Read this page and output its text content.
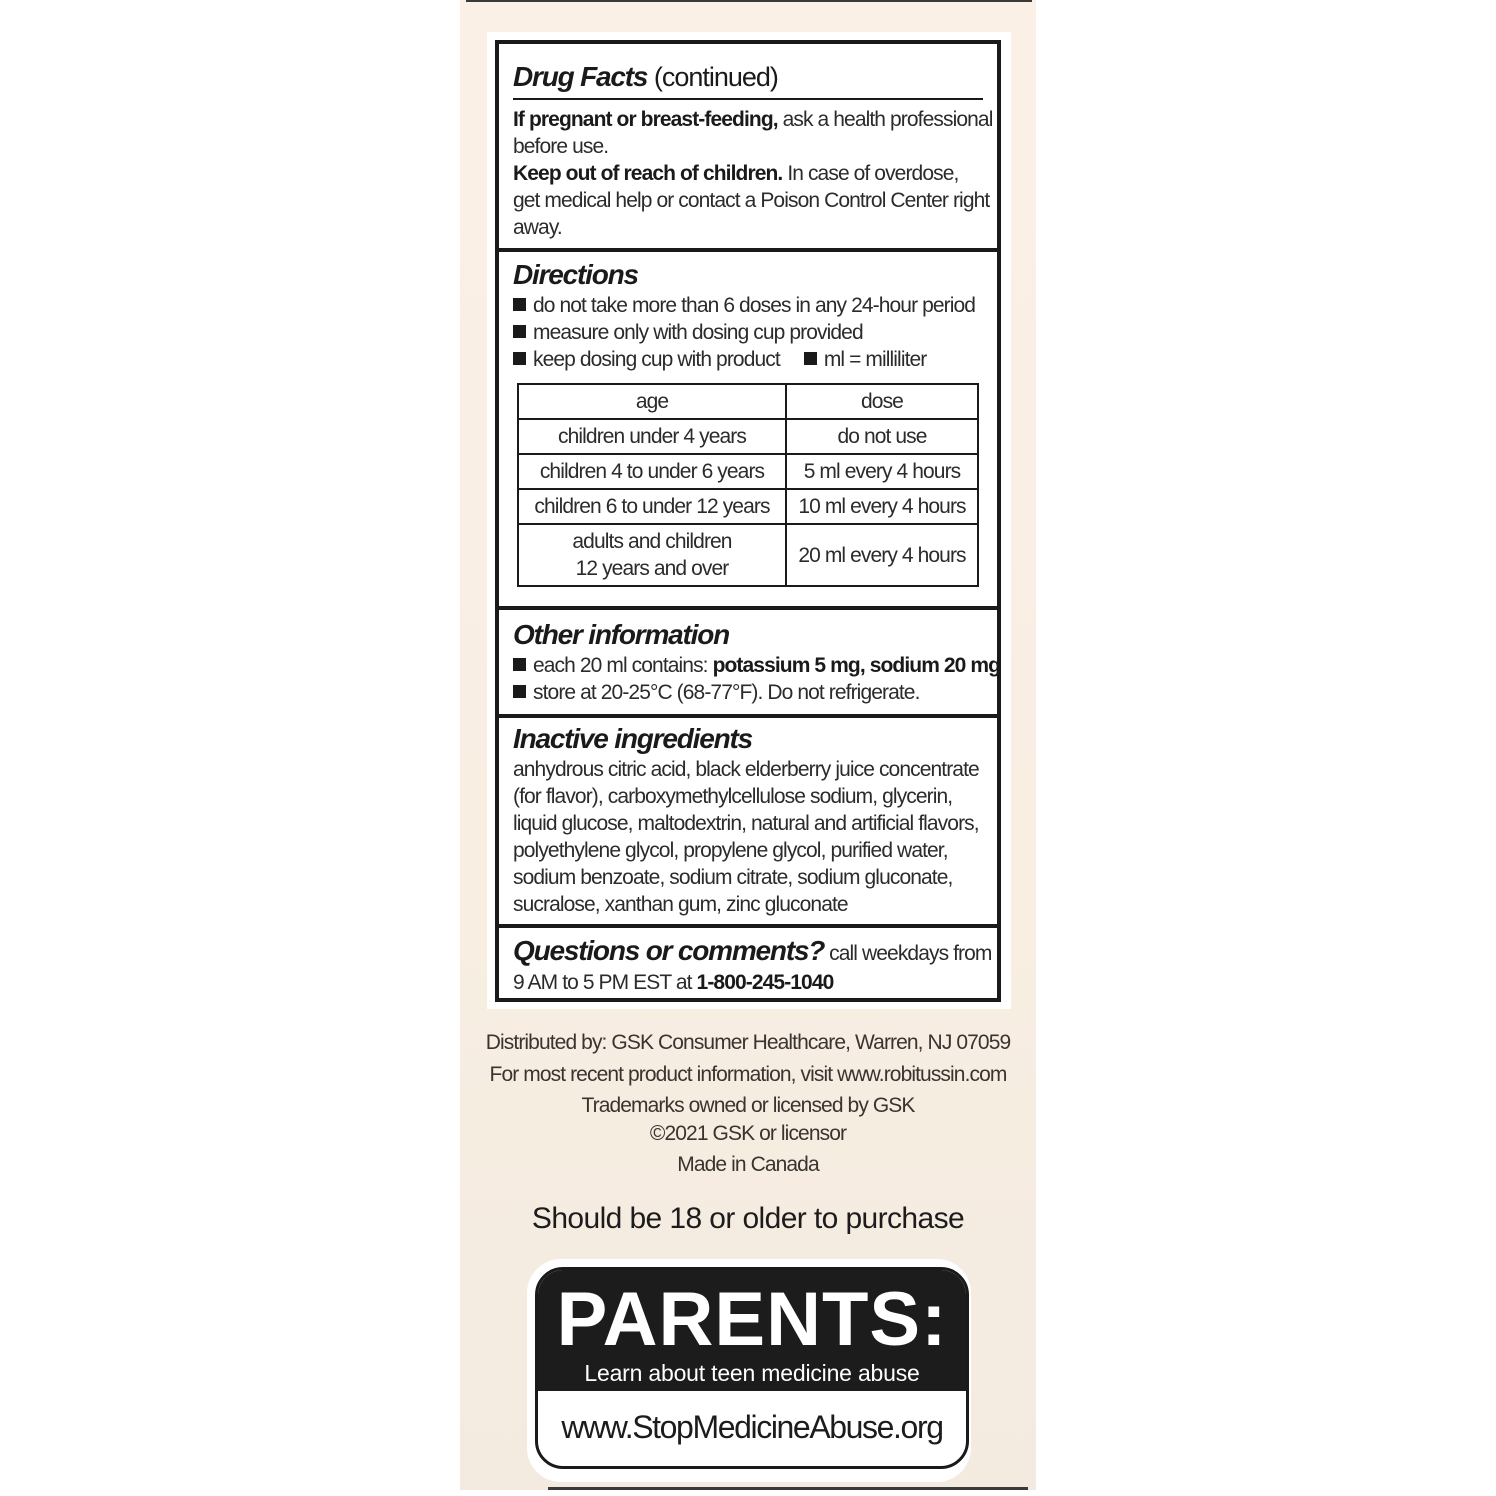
Drug Facts (continued)
If pregnant or breast-feeding, ask a health professional
before use.
Keep out of reach of children. In case of overdose,
get medical help or contact a Poison Control Center right
away.
Directions
do not take more than 6 doses in any 24-hour period
measure only with dosing cup provided
keep dosing cup with product ml = milliliter
age	dose
children under 4 years	do not use
children 4 to under 6 years	5 ml every 4 hours
children 6 to under 12 years	10 ml every 4 hours

adults and children
12 years and over	20 ml every 4 hours
Other information
each 20 ml contains: potassium 5 mg, sodium 20 mg
store at 20-25°C (68-77°F). Do not refrigerate.
Inactive ingredients
anhydrous citric acid, black elderberry juice concentrate
(for flavor), carboxymethylcellulose sodium, glycerin,
liquid glucose, maltodextrin, natural and artificial flavors,
polyethylene glycol, propylene glycol, purified water,
sodium benzoate, sodium citrate, sodium gluconate,
sucralose, xanthan gum, zinc gluconate
Questions or comments? call weekdays from
9 AM to 5 PM EST at 1-800-245-1040
Distributed by: GSK Consumer Healthcare, Warren, NJ 07059
For most recent product information, visit www.robitussin.com
Trademarks owned or licensed by GSK
©2021 GSK or licensor
Made in Canada
Should be 18 or older to purchase
PARENTS:
Learn about teen medicine abuse
www.StopMedicineAbuse.org
